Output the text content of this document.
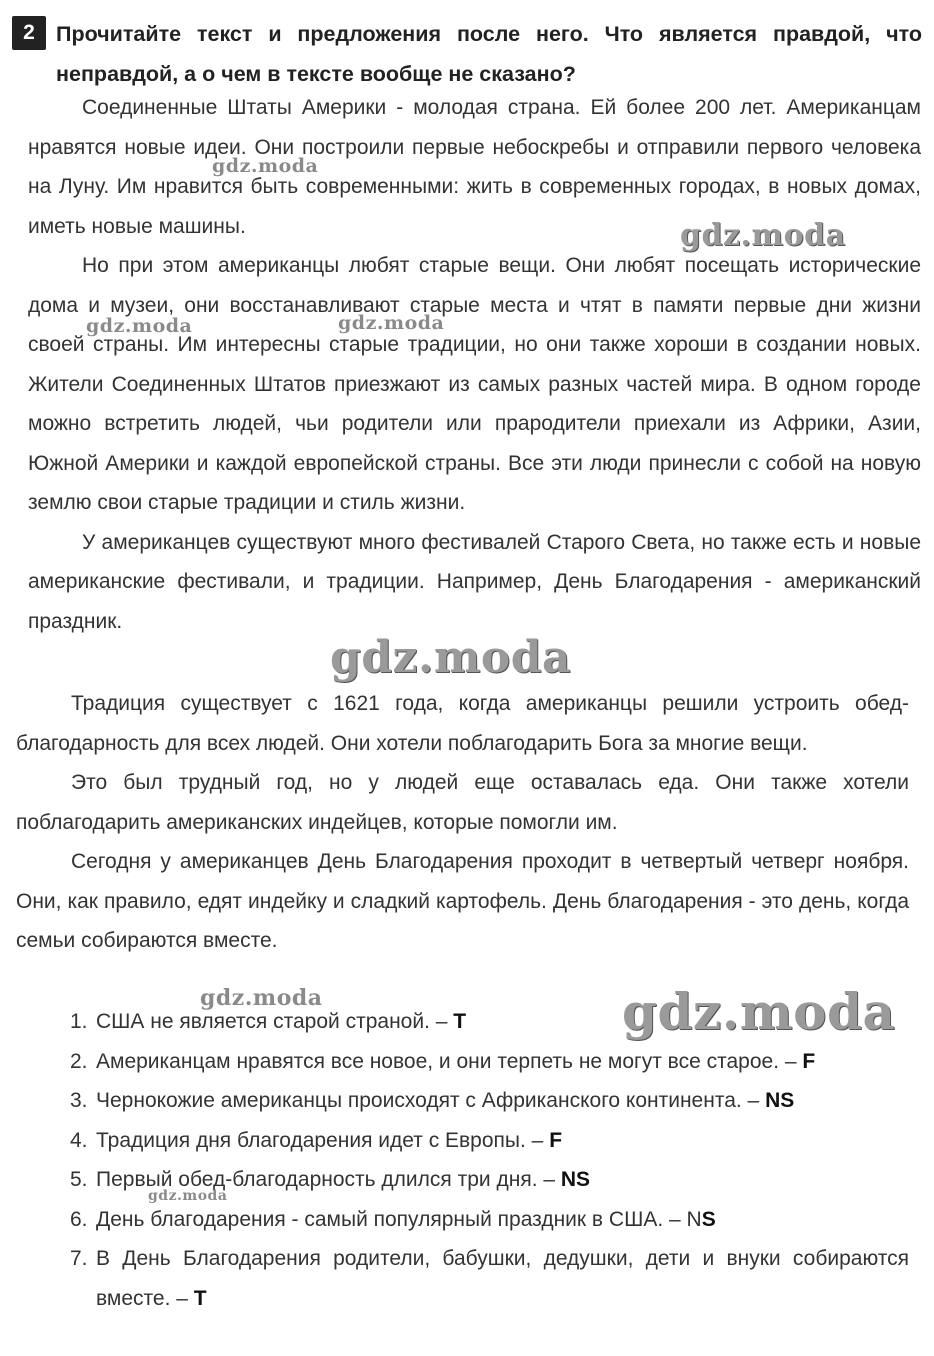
2 Прочитайте текст и предложения после него. Что является правдой, что неправдой, а о чем в тексте вообще не сказано?

Соединенные Штаты Америки - молодая страна. Ей более 200 лет. Американцам нравятся новые идеи. Они построили первые небоскребы и отправили первого человека на Луну. Им нравится быть современными: жить в современных городах, в новых домах, иметь новые машины.

Но при этом американцы любят старые вещи. Они любят посещать исторические дома и музеи, они восстанавливают старые места и чтят в памяти первые дни жизни своей страны. Им интересны старые традиции, но они также хороши в создании новых. Жители Соединенных Штатов приезжают из самых разных частей мира. В одном городе можно встретить людей, чьи родители или прародители приехали из Африки, Азии, Южной Америки и каждой европейской страны. Все эти люди принесли с собой на новую землю свои старые традиции и стиль жизни.

У американцев существуют много фестивалей Старого Света, но также есть и новые американские фестивали, и традиции. Например, День Благодарения - американский праздник.

Традиция существует с 1621 года, когда американцы решили устроить обед-благодарность для всех людей. Они хотели поблагодарить Бога за многие вещи.

Это был трудный год, но у людей еще оставалась еда. Они также хотели поблагодарить американских индейцев, которые помогли им.

Сегодня у американцев День Благодарения проходит в четвертый четверг ноября. Они, как правило, едят индейку и сладкий картофель. День благодарения - это день, когда семьи собираются вместе.

1. США не является старой страной. – T
2. Американцам нравятся все новое, и они терпеть не могут все старое. – F
3. Чернокожие американцы происходят с Африканского континента. – NS
4. Традиция дня благодарения идет с Европы. – F
5. Первый обед-благодарность длился три дня. – NS
6. День благодарения - самый популярный праздник в США. – NS
7. В День Благодарения родители, бабушки, дедушки, дети и внуки собираются вместе. – T
gdz.moda
gdz.moda
gdz.moda	gdz.moda
gdz.moda
gdz.moda	gdz.moda
gdz.moda
